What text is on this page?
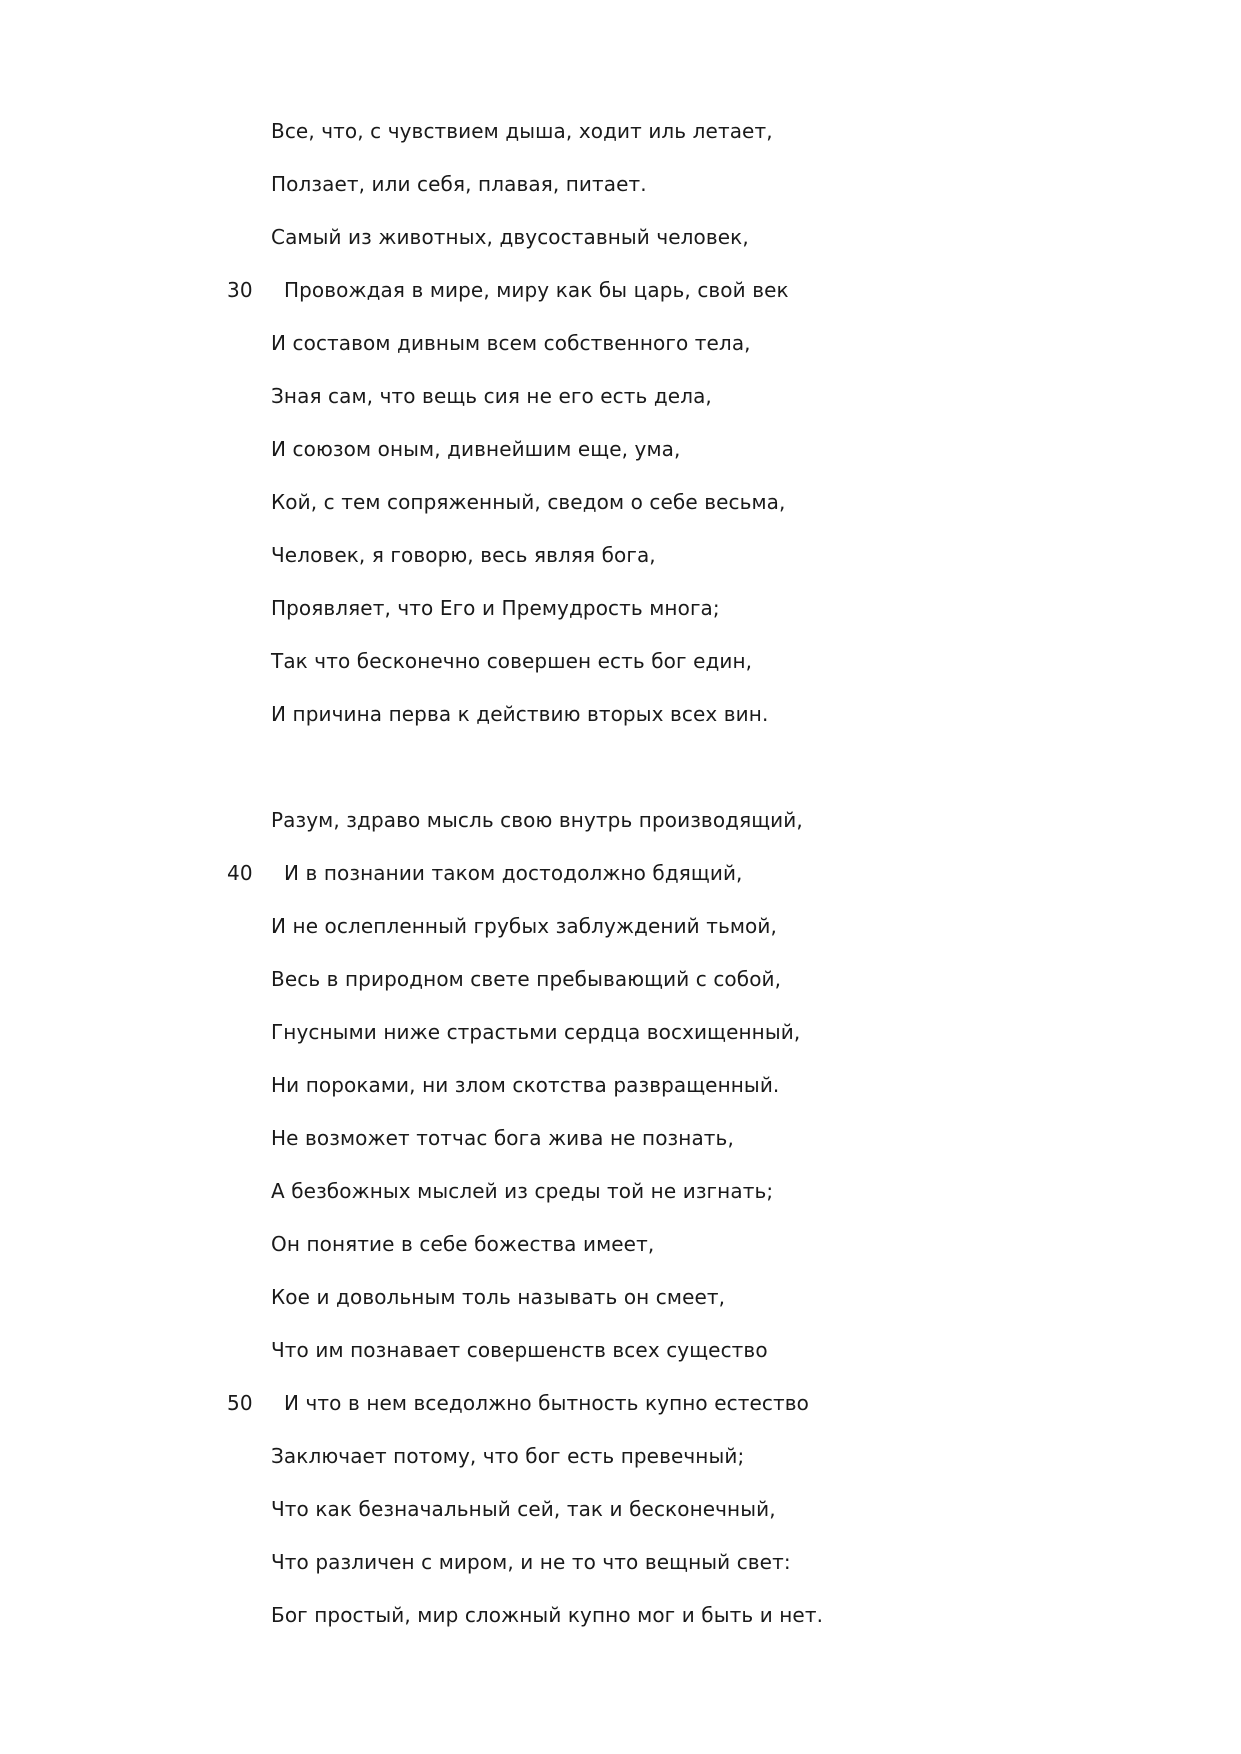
Все, что, с чувствием дыша, ходит иль летает,
Ползает, или себя, плавая, питает.
Самый из животных, двусоставный человек,
30 Провождая в мире, миру как бы царь, свой век
И составом дивным всем собственного тела,
Зная сам, что вещь сия не его есть дела,
И союзом оным, дивнейшим еще, ума,
Кой, с тем сопряженный, сведом о себе весьма,
Человек, я говорю, весь являя бога,
Проявляет, что Его и Премудрость многа;
Так что бесконечно совершен есть бог един,
И причина перва к действию вторых всех вин.
Разум, здраво мысль свою внутрь производящий,
40 И в познании таком достодолжно бдящий,
И не ослепленный грубых заблуждений тьмой,
Весь в природном свете пребывающий с собой,
Гнусными ниже страстьми сердца восхищенный,
Ни пороками, ни злом скотства развращенный.
Не возможет тотчас бога жива не познать,
А безбожных мыслей из среды той не изгнать;
Он понятие в себе божества имеет,
Кое и довольным толь называть он смеет,
Что им познавает совершенств всех существо
50 И что в нем вседолжно бытность купно естество
Заключает потому, что бог есть превечный;
Что как безначальный сей, так и бесконечный,
Что различен с миром, и не то что вещный свет:
Бог простый, мир сложный купно мог и быть и нет.
